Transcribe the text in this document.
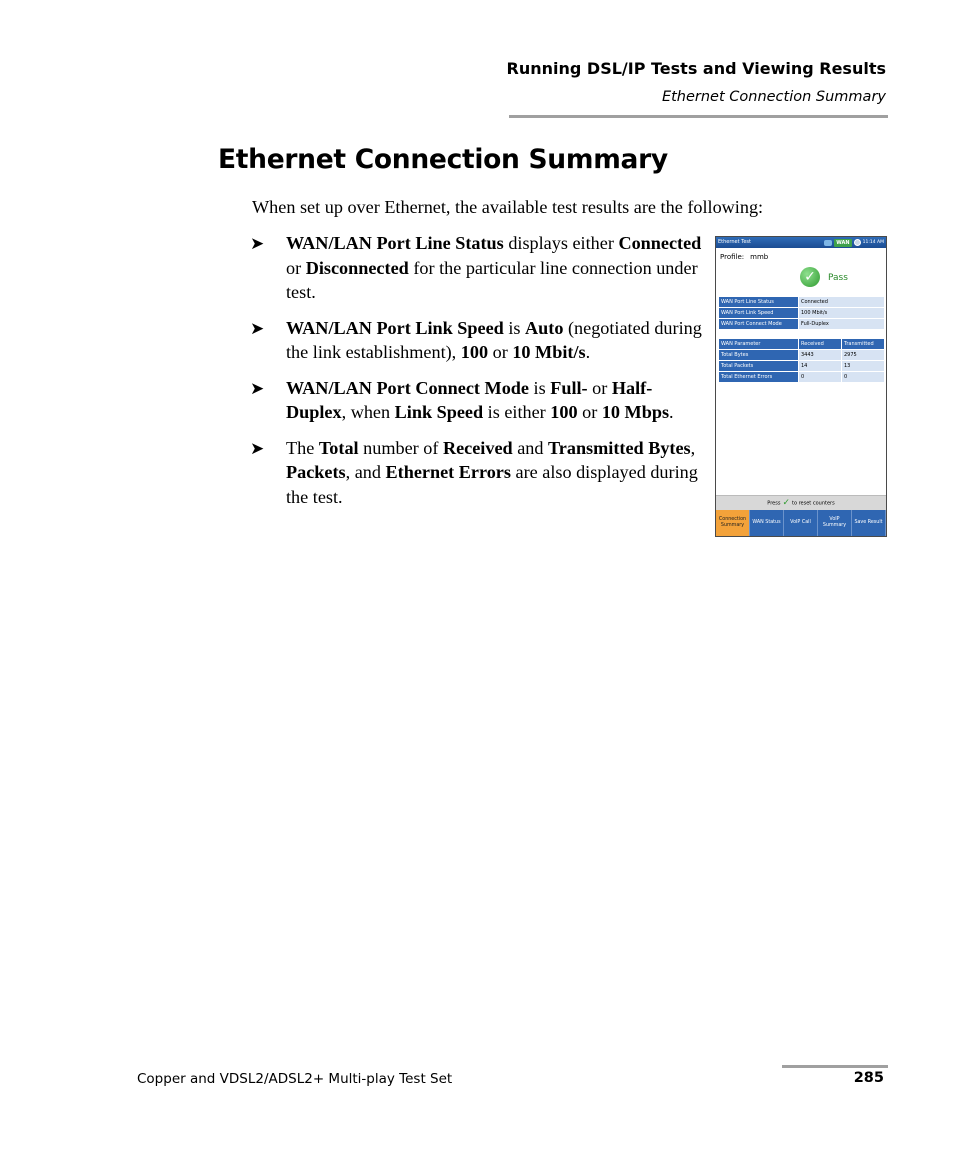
Running DSL/IP Tests and Viewing Results
Ethernet Connection Summary
Ethernet Connection Summary
When set up over Ethernet, the available test results are the following:
➤ WAN/LAN Port Line Status displays either Connected or Disconnected for the particular line connection under test.
➤ WAN/LAN Port Link Speed is Auto (negotiated during the link establishment), 100 or 10 Mbit/s.
➤ WAN/LAN Port Connect Mode is Full- or Half-Duplex, when Link Speed is either 100 or 10 Mbps.
➤ The Total number of Received and Transmitted Bytes, Packets, and Ethernet Errors are also displayed during the test.
Ethernet Test	WAN	11:14 AM
Profile: mmb
✓	Pass
WAN Port Line Status	Connected
WAN Port Link Speed	100 Mbit/s
WAN Port Connect Mode	Full-Duplex
WAN Parameter	Received	Transmitted
Total Bytes	3443	2975
Total Packets	14	13
Total Ethernet Errors	0	0
Press ✓ to reset counters
Connection Summary
WAN Status	VoIP Call
VoIP Summary
Save Result
Copper and VDSL2/ADSL2+ Multi-play Test Set	285
